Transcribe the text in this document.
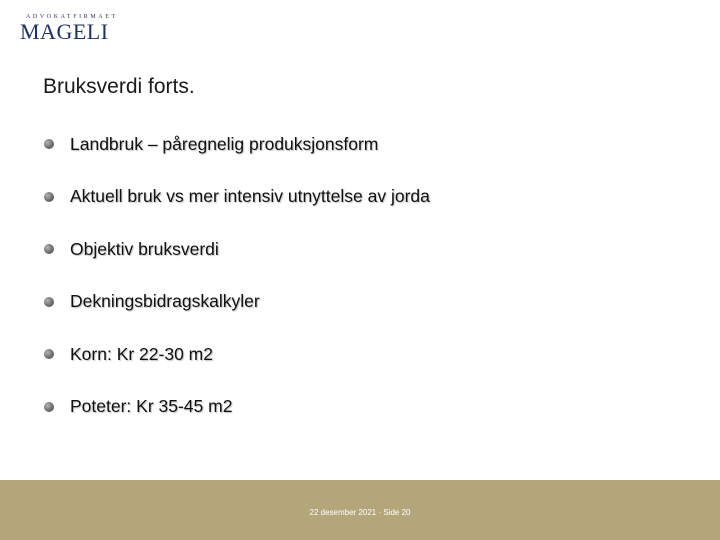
ADVOKATFIRMAET
MAGELI
Bruksverdi forts.
Landbruk – påregnelig produksjonsform
Aktuell bruk vs mer intensiv utnyttelse av jorda
Objektiv bruksverdi
Dekningsbidragskalkyler
Korn: Kr 22-30 m2
Poteter: Kr 35-45 m2
22 desember 2021 · Side 20
